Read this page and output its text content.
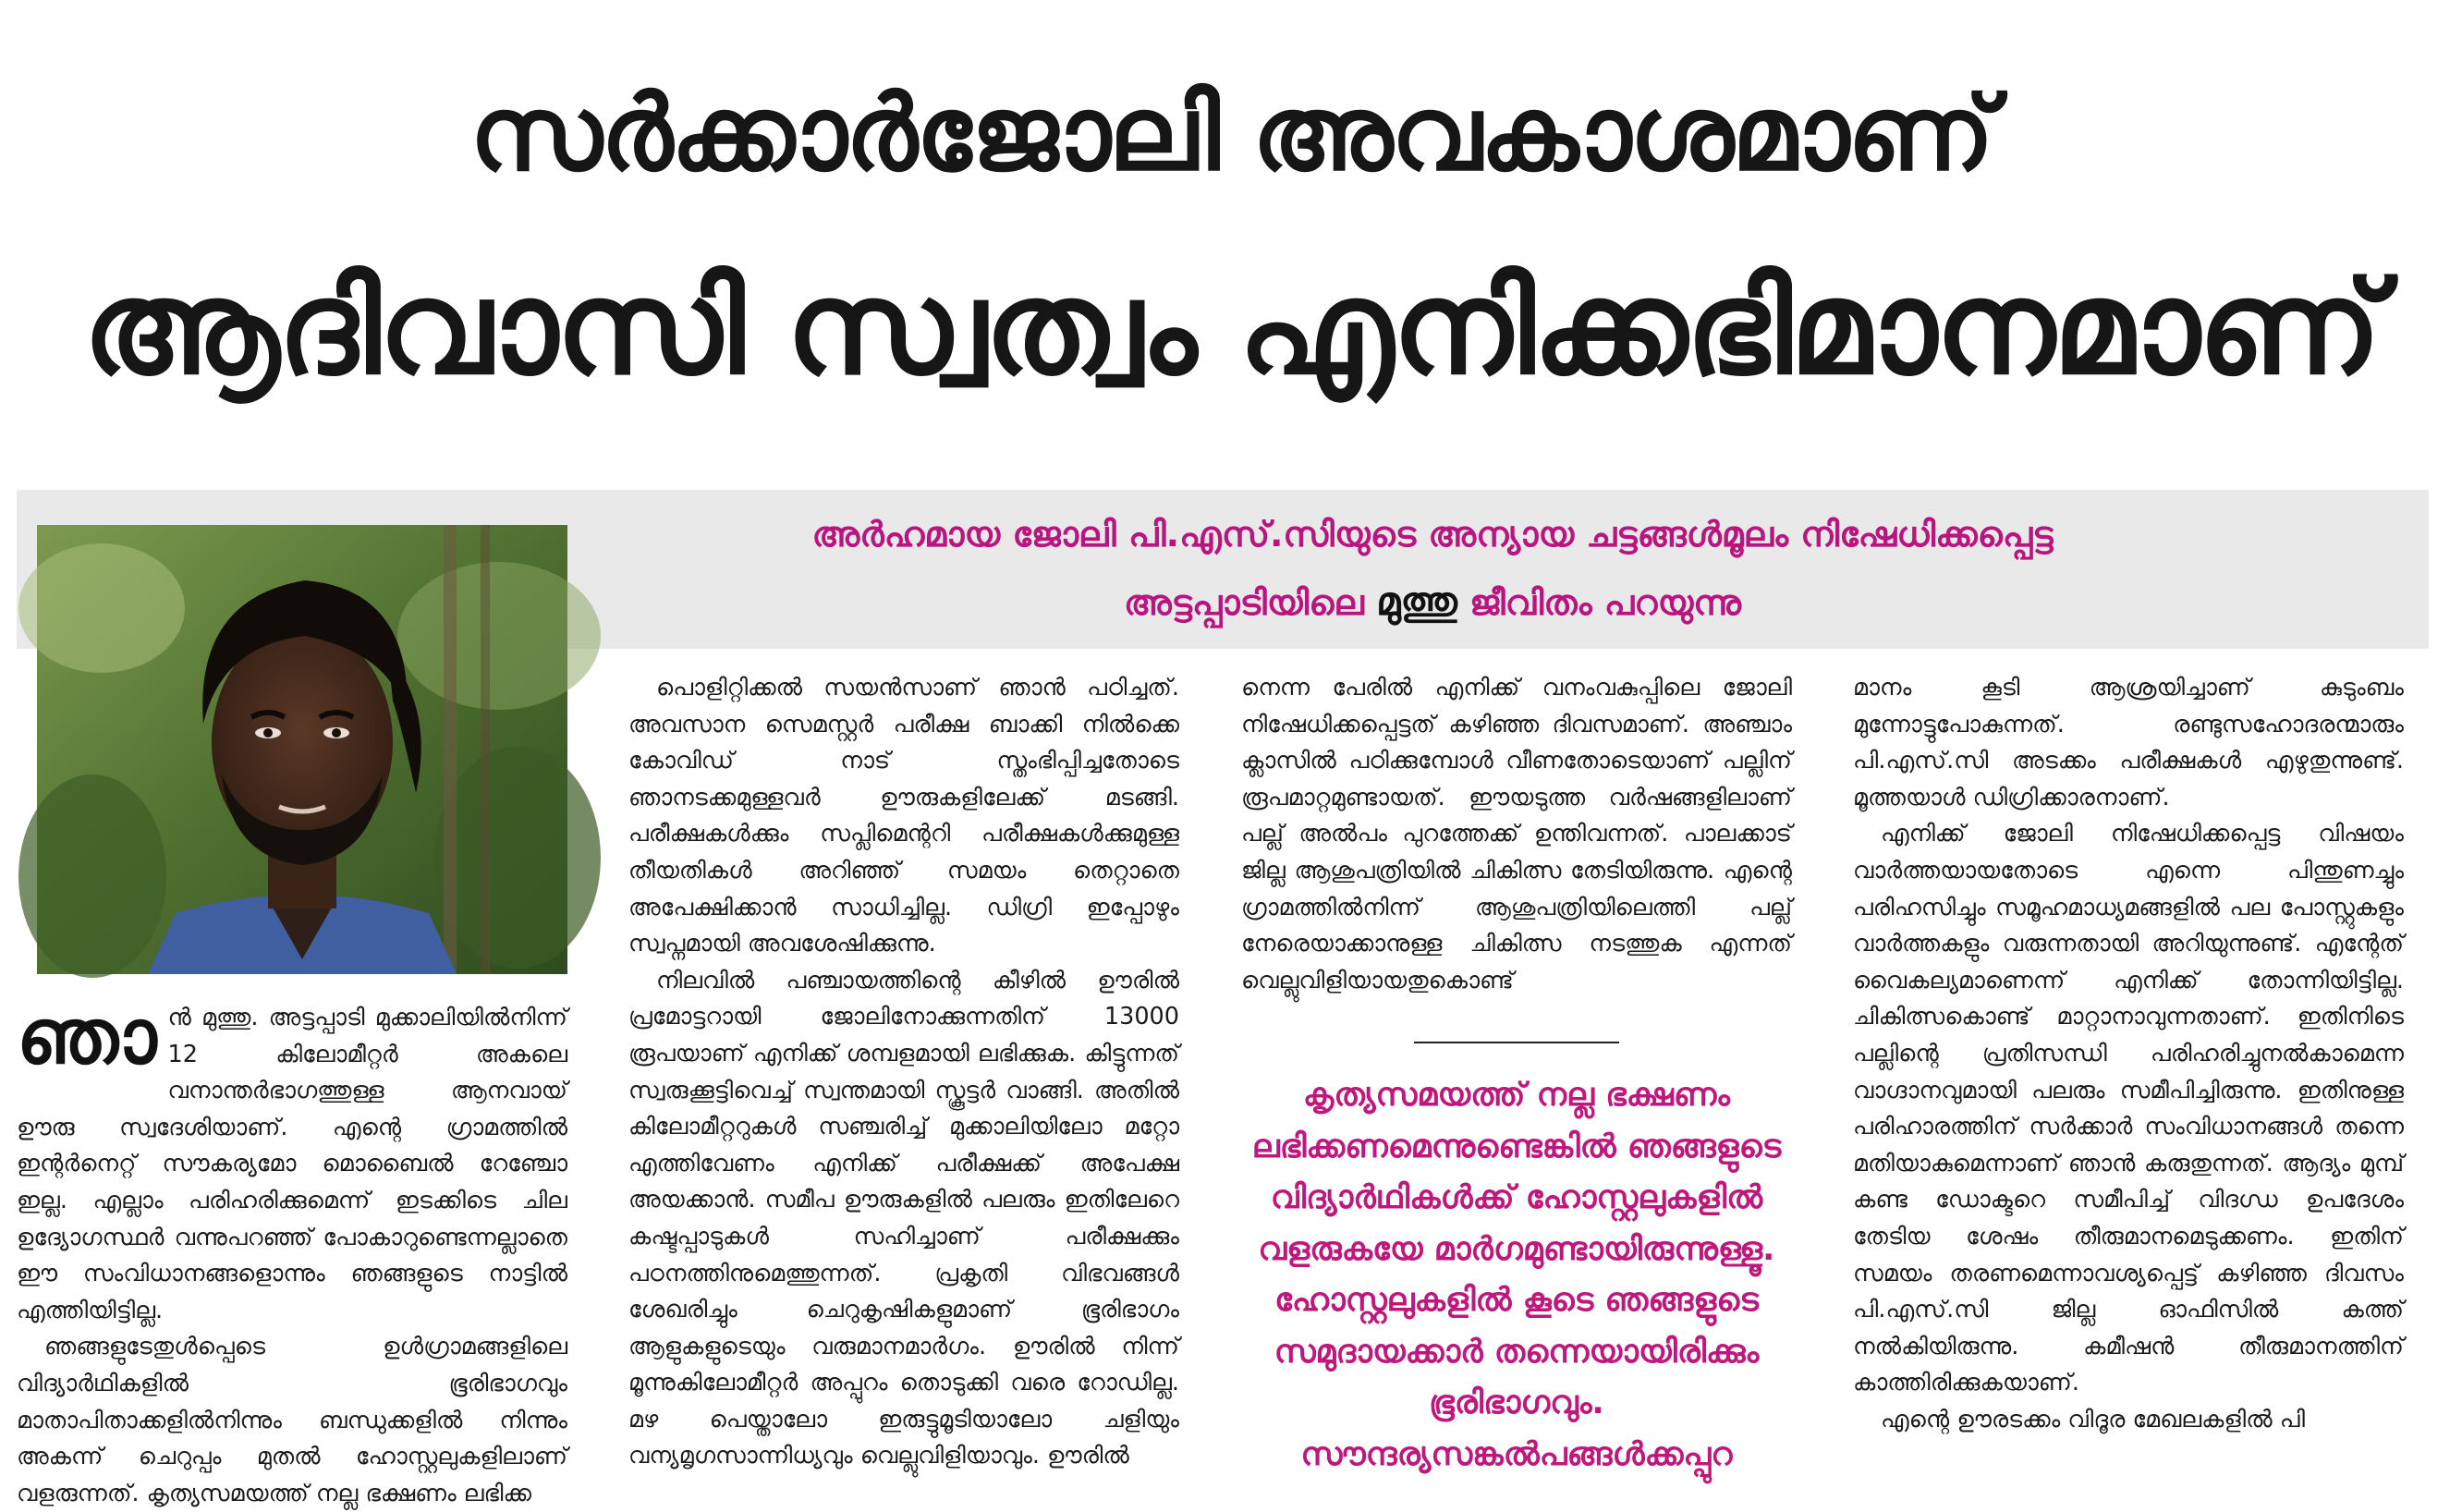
സർക്കാർജോലി അവകാശമാണ്
ആദിവാസി സ്വത്വം എനിക്കഭിമാനമാണ്
അർഹമായ ജോലി പി.എസ്.സിയുടെ അന്യായ ചട്ടങ്ങൾമൂലം നിഷേധിക്കപ്പെട്ട
അട്ടപ്പാടിയിലെ മുത്തു ജീവിതം പറയുന്നു

ഞാൻ മുത്തു. അട്ടപ്പാടി മുക്കാലിയിൽനിന്ന് 12 കിലോമീറ്റർ അകലെ വനാന്തർഭാഗത്തുള്ള ആനവായ് ഊരു സ്വദേശിയാണ്. എന്റെ ഗ്രാമത്തിൽ ഇന്റർനെറ്റ് സൗകര്യമോ മൊബൈൽ റേഞ്ചോ ഇല്ല. എല്ലാം പരിഹരിക്കുമെന്ന് ഇടക്കിടെ ചില ഉദ്യോഗസ്ഥർ വന്നുപറഞ്ഞ് പോകാറുണ്ടെന്നല്ലാതെ ഈ സംവിധാനങ്ങളൊന്നും ഞങ്ങളുടെ നാട്ടിൽ എത്തിയിട്ടില്ല.

ഞങ്ങളുടേതുൾപ്പെടെ ഉൾഗ്രാമങ്ങളിലെ വിദ്യാർഥികളിൽ ഭൂരിഭാഗവും മാതാപിതാക്കളിൽനിന്നും ബന്ധുക്കളിൽ നിന്നും അകന്ന് ചെറുപ്പം മുതൽ ഹോസ്റ്റലുകളിലാണ് വളരുന്നത്. കൃത്യസമയത്ത് നല്ല ഭക്ഷണം ലഭിക്ക

പൊളിറ്റിക്കൽ സയൻസാണ് ഞാൻ പഠിച്ചത്. അവസാന സെമസ്റ്റർ പരീക്ഷ ബാക്കി നിൽക്കെ കോവിഡ് നാട് സ്തംഭിപ്പിച്ചതോടെ ഞാനടക്കമുള്ളവർ ഊരുകളിലേക്ക് മടങ്ങി. പരീക്ഷകൾക്കും സപ്ലിമെന്ററി പരീക്ഷകൾക്കുമുള്ള തീയതികൾ അറിഞ്ഞ് സമയം തെറ്റാതെ അപേക്ഷിക്കാൻ സാധിച്ചില്ല. ഡിഗ്രി ഇപ്പോഴും സ്വപ്നമായി അവശേഷിക്കുന്നു.

നിലവിൽ പഞ്ചായത്തിന്റെ കീഴിൽ ഊരിൽ പ്രമോട്ടറായി ജോലിനോക്കുന്നതിന് 13000 രൂപയാണ് എനിക്ക് ശമ്പളമായി ലഭിക്കുക. കിട്ടുന്നത് സ്വരുക്കൂട്ടിവെച്ച് സ്വന്തമായി സ്കൂട്ടർ വാങ്ങി. അതിൽ കിലോമീറ്ററുകൾ സഞ്ചരിച്ച് മുക്കാലിയിലോ മറ്റോ എത്തിവേണം എനിക്ക് പരീക്ഷക്ക് അപേക്ഷ അയക്കാൻ. സമീപ ഊരുകളിൽ പലരും ഇതിലേറെ കഷ്ടപ്പാടുകൾ സഹിച്ചാണ് പരീക്ഷക്കും പഠനത്തിനുമെത്തുന്നത്. പ്രകൃതി വിഭവങ്ങൾ ശേഖരിച്ചും ചെറുകൃഷികളുമാണ് ഭൂരിഭാഗം ആളുകളുടെയും വരുമാനമാർഗം. ഊരിൽ നിന്ന് മൂന്നുകിലോമീറ്റർ അപ്പുറം തൊടുക്കി വരെ റോഡില്ല. മഴ പെയ്താലോ ഇരുട്ടുമൂടിയാലോ ചളിയും വന്യമൃഗസാന്നിധ്യവും വെല്ലുവിളിയാവും. ഊരിൽ

നെന്ന പേരിൽ എനിക്ക് വനംവകുപ്പിലെ ജോലി നിഷേധിക്കപ്പെട്ടത് കഴിഞ്ഞ ദിവസമാണ്. അഞ്ചാം ക്ലാസിൽ പഠിക്കുമ്പോൾ വീണതോടെയാണ് പല്ലിന് രൂപമാറ്റമുണ്ടായത്. ഈയടുത്ത വർഷങ്ങളിലാണ് പല്ല് അൽപം പുറത്തേക്ക് ഉന്തിവന്നത്. പാലക്കാട് ജില്ല ആശുപത്രിയിൽ ചികിത്സ തേടിയിരുന്നു. എന്റെ ഗ്രാമത്തിൽനിന്ന് ആശുപത്രിയിലെത്തി പല്ല് നേരെയാക്കാനുള്ള ചികിത്സ നടത്തുക എന്നത് വെല്ലുവിളിയായതുകൊണ്ട്

കൃത്യസമയത്ത് നല്ല ഭക്ഷണം ലഭിക്കണമെന്നുണ്ടെങ്കിൽ ഞങ്ങളുടെ വിദ്യാർഥികൾക്ക് ഹോസ്റ്റലുകളിൽ വളരുകയേ മാർഗമുണ്ടായിരുന്നുള്ളൂ. ഹോസ്റ്റലുകളിൽ കൂടെ ഞങ്ങളുടെ സമുദായക്കാർ തന്നെയായിരിക്കും ഭൂരിഭാഗവും. സൗന്ദര്യസങ്കൽപങ്ങൾക്കപ്പുറ

മാനം കൂടി ആശ്രയിച്ചാണ് കുടുംബം മുന്നോട്ടുപോകുന്നത്. രണ്ടുസഹോദരന്മാരും പി.എസ്.സി അടക്കം പരീക്ഷകൾ എഴുതുന്നുണ്ട്. മൂത്തയാൾ ഡിഗ്രിക്കാരനാണ്.

എനിക്ക് ജോലി നിഷേധിക്കപ്പെട്ട വിഷയം വാർത്തയായതോടെ എന്നെ പിന്തുണച്ചും പരിഹസിച്ചും സമൂഹമാധ്യമങ്ങളിൽ പല പോസ്റ്റുകളും വാർത്തകളും വരുന്നതായി അറിയുന്നുണ്ട്. എന്റേത് വൈകല്യമാണെന്ന് എനിക്ക് തോന്നിയിട്ടില്ല. ചികിത്സകൊണ്ട് മാറ്റാനാവുന്നതാണ്. ഇതിനിടെ പല്ലിന്റെ പ്രതിസന്ധി പരിഹരിച്ചുനൽകാമെന്ന വാഗ്ദാനവുമായി പലരും സമീപിച്ചിരുന്നു. ഇതിനുള്ള പരിഹാരത്തിന് സർക്കാർ സംവിധാനങ്ങൾ തന്നെ മതിയാകുമെന്നാണ് ഞാൻ കരുതുന്നത്. ആദ്യം മുമ്പ് കണ്ട ഡോക്ടറെ സമീപിച്ച് വിദഗ്ധ ഉപദേശം തേടിയ ശേഷം തീരുമാനമെടുക്കണം. ഇതിന് സമയം തരണമെന്നാവശ്യപ്പെട്ട് കഴിഞ്ഞ ദിവസം പി.എസ്.സി ജില്ല ഓഫിസിൽ കത്ത് നൽകിയിരുന്നു. കമീഷൻ തീരുമാനത്തിന് കാത്തിരിക്കുകയാണ്.

എന്റെ ഊരടക്കം വിദൂര മേഖലകളിൽ പി
